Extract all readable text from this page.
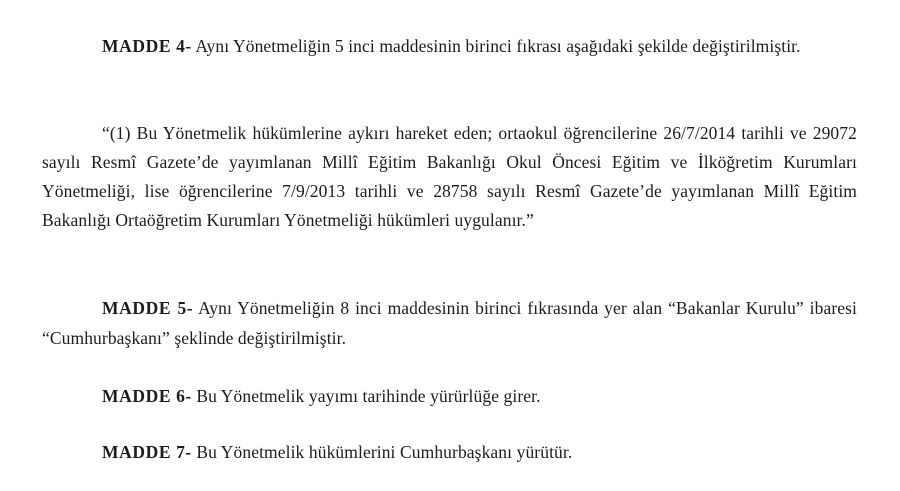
MADDE 4- Aynı Yönetmeliğin 5 inci maddesinin birinci fıkrası aşağıdaki şekilde değiştirilmiştir.

“(1) Bu Yönetmelik hükümlerine aykırı hareket eden; ortaokul öğrencilerine 26/7/2014 tarihli ve 29072 sayılı Resmî Gazete’de yayımlanan Millî Eğitim Bakanlığı Okul Öncesi Eğitim ve İlköğretim Kurumları Yönetmeliği, lise öğrencilerine 7/9/2013 tarihli ve 28758 sayılı Resmî Gazete’de yayımlanan Millî Eğitim Bakanlığı Ortaöğretim Kurumları Yönetmeliği hükümleri uygulanır.”

MADDE 5- Aynı Yönetmeliğin 8 inci maddesinin birinci fıkrasında yer alan “Bakanlar Kurulu” ibaresi “Cumhurbaşkanı” şeklinde değiştirilmiştir.

MADDE 6- Bu Yönetmelik yayımı tarihinde yürürlüğe girer.

MADDE 7- Bu Yönetmelik hükümlerini Cumhurbaşkanı yürütür.
